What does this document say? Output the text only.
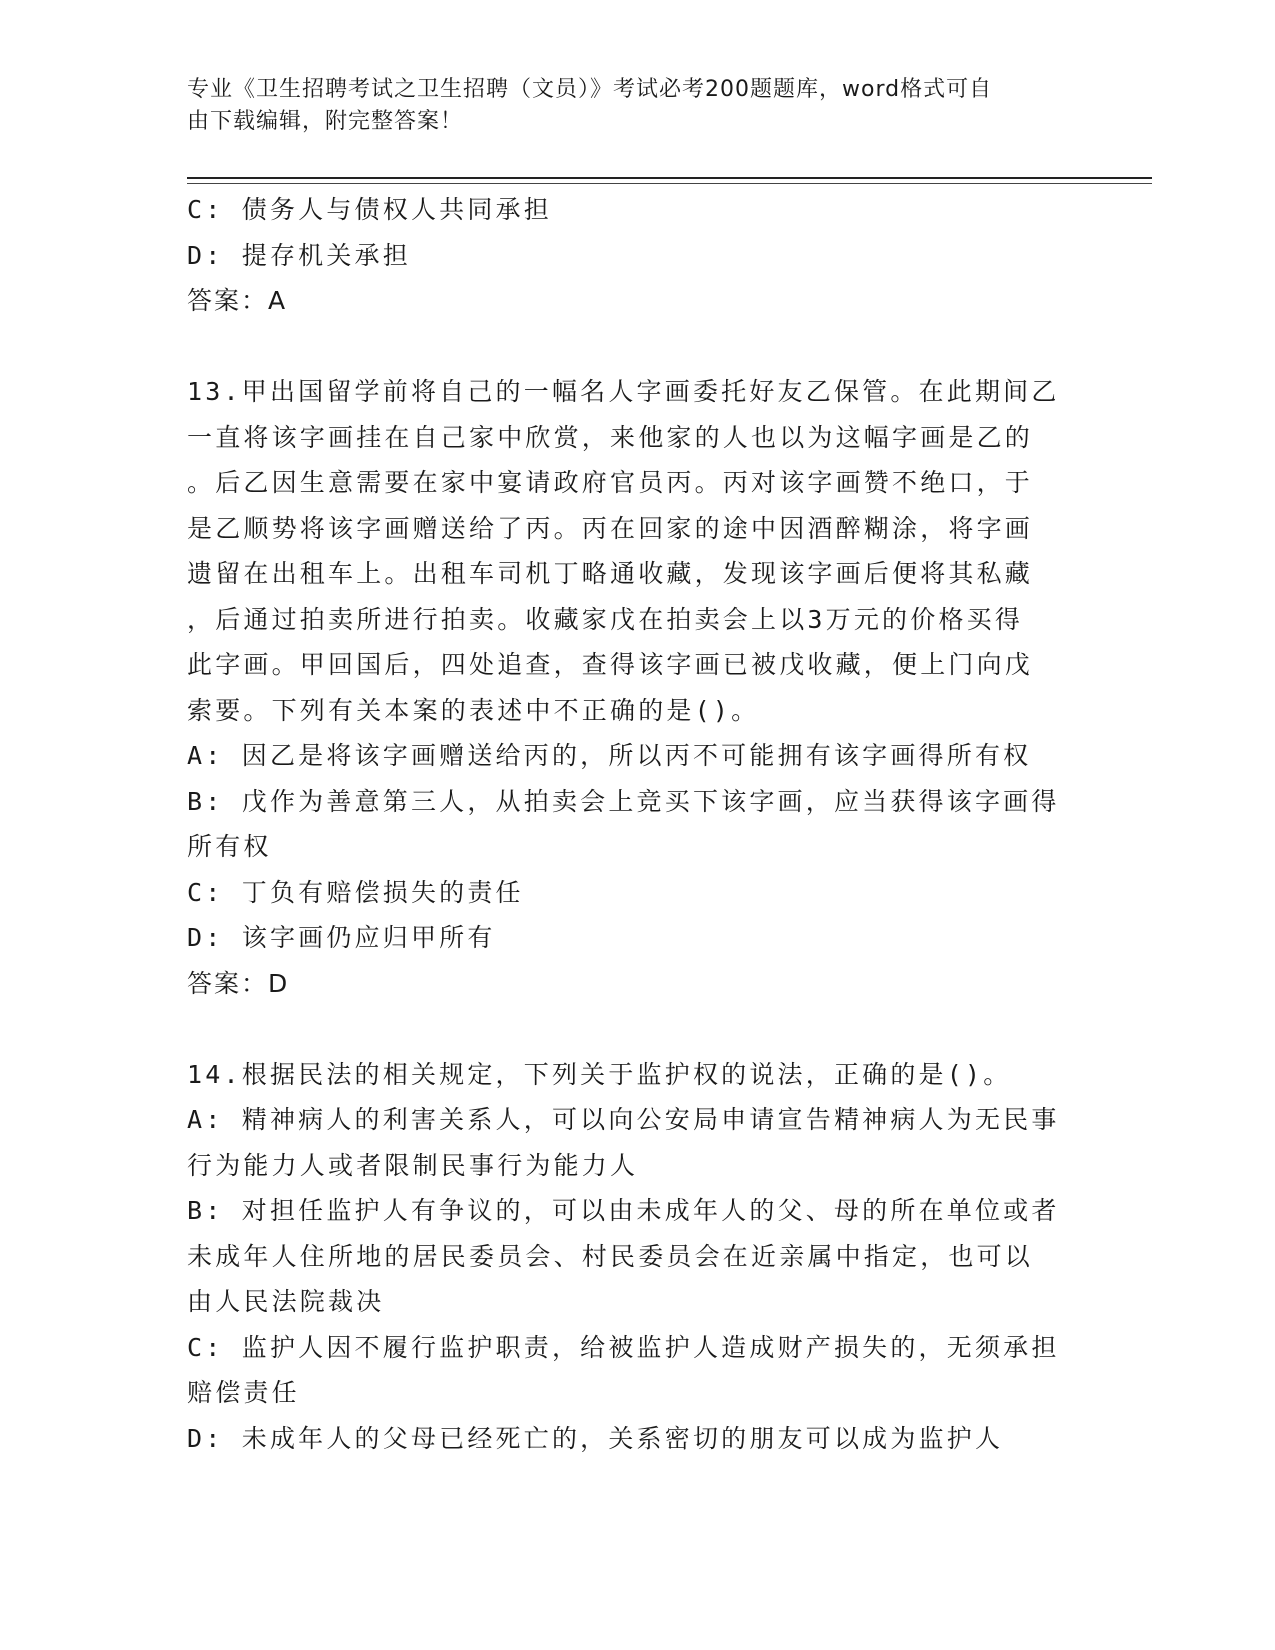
专业《卫生招聘考试之卫生招聘（文员）》考试必考200题题库，word格式可自
由下载编辑，附完整答案！
C: 债务人与债权人共同承担
D: 提存机关承担
答案：A
13.甲出国留学前将自己的一幅名人字画委托好友乙保管。在此期间乙
一直将该字画挂在自己家中欣赏，来他家的人也以为这幅字画是乙的
。后乙因生意需要在家中宴请政府官员丙。丙对该字画赞不绝口，于
是乙顺势将该字画赠送给了丙。丙在回家的途中因酒醉糊涂，将字画
遗留在出租车上。出租车司机丁略通收藏，发现该字画后便将其私藏
，后通过拍卖所进行拍卖。收藏家戊在拍卖会上以3万元的价格买得
此字画。甲回国后，四处追查，查得该字画已被戊收藏，便上门向戊
索要。下列有关本案的表述中不正确的是()。
A: 因乙是将该字画赠送给丙的，所以丙不可能拥有该字画得所有权
B: 戊作为善意第三人，从拍卖会上竞买下该字画，应当获得该字画得
所有权
C: 丁负有赔偿损失的责任
D: 该字画仍应归甲所有
答案：D
14.根据民法的相关规定，下列关于监护权的说法，正确的是()。
A: 精神病人的利害关系人，可以向公安局申请宣告精神病人为无民事
行为能力人或者限制民事行为能力人
B: 对担任监护人有争议的，可以由未成年人的父、母的所在单位或者
未成年人住所地的居民委员会、村民委员会在近亲属中指定，也可以
由人民法院裁决
C: 监护人因不履行监护职责，给被监护人造成财产损失的，无须承担
赔偿责任
D: 未成年人的父母已经死亡的，关系密切的朋友可以成为监护人
